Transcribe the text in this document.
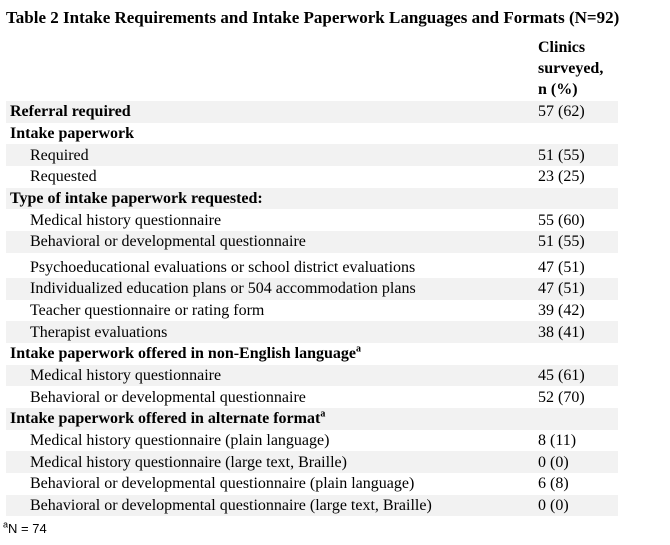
Table 2 Intake Requirements and Intake Paperwork Languages and Formats (N=92)
Clinics
surveyed,
n (%)
Referral required	57 (62)
Intake paperwork
Required	51 (55)
Requested	23 (25)
Type of intake paperwork requested:
Medical history questionnaire	55 (60)
Behavioral or developmental questionnaire	51 (55)
Psychoeducational evaluations or school district evaluations	47 (51)
Individualized education plans or 504 accommodation plans	47 (51)
Teacher questionnaire or rating form	39 (42)
Therapist evaluations	38 (41)
Intake paperwork offered in non-English language$^a$
Medical history questionnaire	45 (61)
Behavioral or developmental questionnaire	52 (70)
Intake paperwork offered in alternate format$^a$
Medical history questionnaire (plain language)	8 (11)
Medical history questionnaire (large text, Braille)	0 (0)
Behavioral or developmental questionnaire (plain language)	6 (8)
Behavioral or developmental questionnaire (large text, Braille)	0 (0)
$^a$N = 74
